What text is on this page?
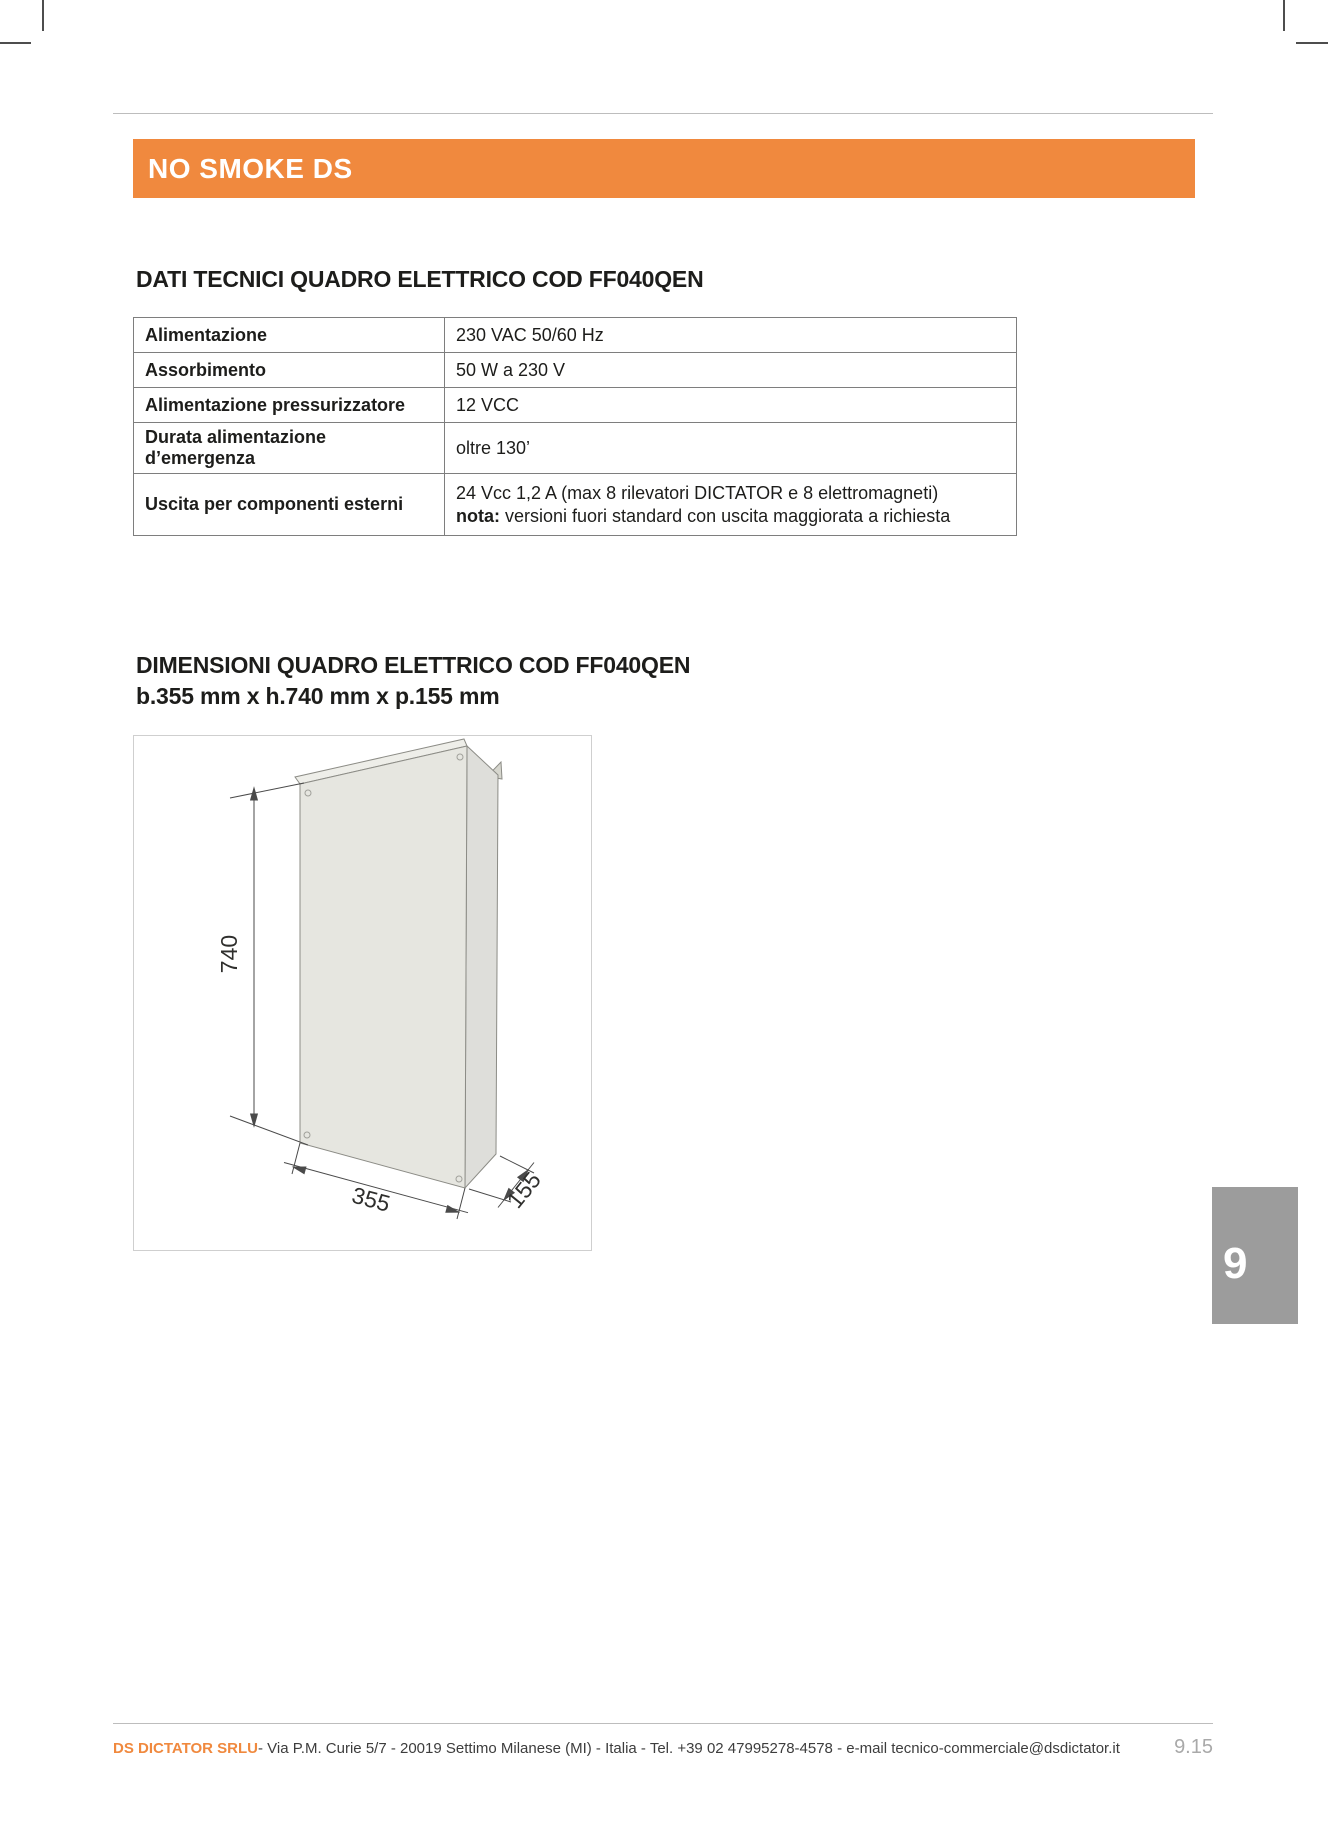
NO SMOKE DS
DATI TECNICI QUADRO ELETTRICO COD FF040QEN
Alimentazione	230 VAC 50/60 Hz
Assorbimento	50 W a 230 V
Alimentazione pressurizzatore	12 VCC
Durata alimentazione d’emergenza	oltre 130’
Uscita per componenti esterni	24 Vcc 1,2 A (max 8 rilevatori DICTATOR e 8 elettromagneti)
nota: versioni fuori standard con uscita maggiorata a richiesta
DIMENSIONI QUADRO ELETTRICO COD FF040QEN
b.355 mm x h.740 mm x p.155 mm
740
355	155
9
DS DICTATOR SRLU - Via P.M. Curie 5/7 - 20019 Settimo Milanese (MI) - Italia - Tel. +39 02 47995278-4578 - e-mail tecnico-commerciale@dsdictator.it	9.15
